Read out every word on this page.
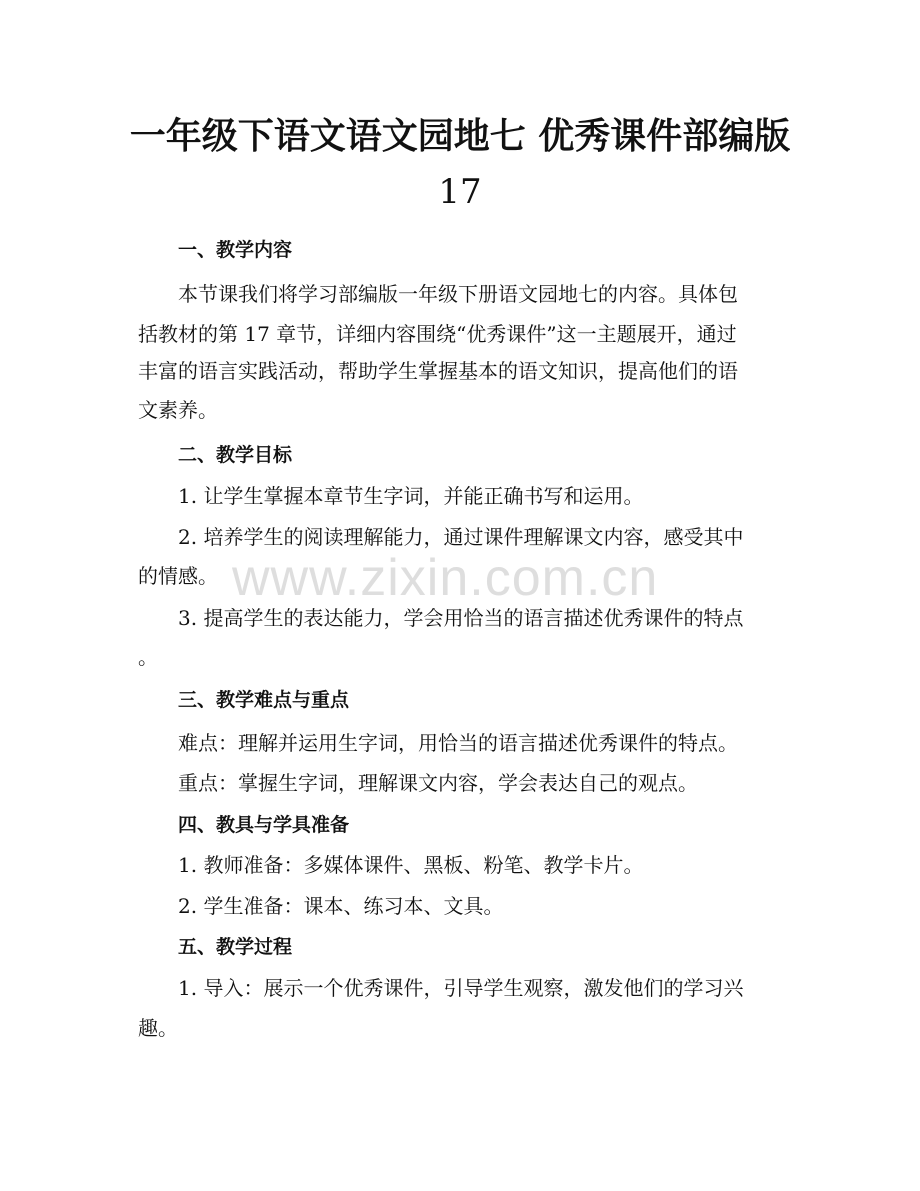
一年级下语文语文园地七 优秀课件部编版
17
一、教学内容
本节课我们将学习部编版一年级下册语文园地七的内容。具体包
括教材的第 17 章节，详细内容围绕“优秀课件”这一主题展开，通过
丰富的语言实践活动，帮助学生掌握基本的语文知识，提高他们的语
文素养。
二、教学目标
1. 让学生掌握本章节生字词，并能正确书写和运用。
2. 培养学生的阅读理解能力，通过课件理解课文内容，感受其中
的情感。
3. 提高学生的表达能力，学会用恰当的语言描述优秀课件的特点
。
三、教学难点与重点
难点：理解并运用生字词，用恰当的语言描述优秀课件的特点。
重点：掌握生字词，理解课文内容，学会表达自己的观点。
四、教具与学具准备
1. 教师准备：多媒体课件、黑板、粉笔、教学卡片。
2. 学生准备：课本、练习本、文具。
五、教学过程
1. 导入：展示一个优秀课件，引导学生观察，激发他们的学习兴
趣。
www.zixin.com.cn
